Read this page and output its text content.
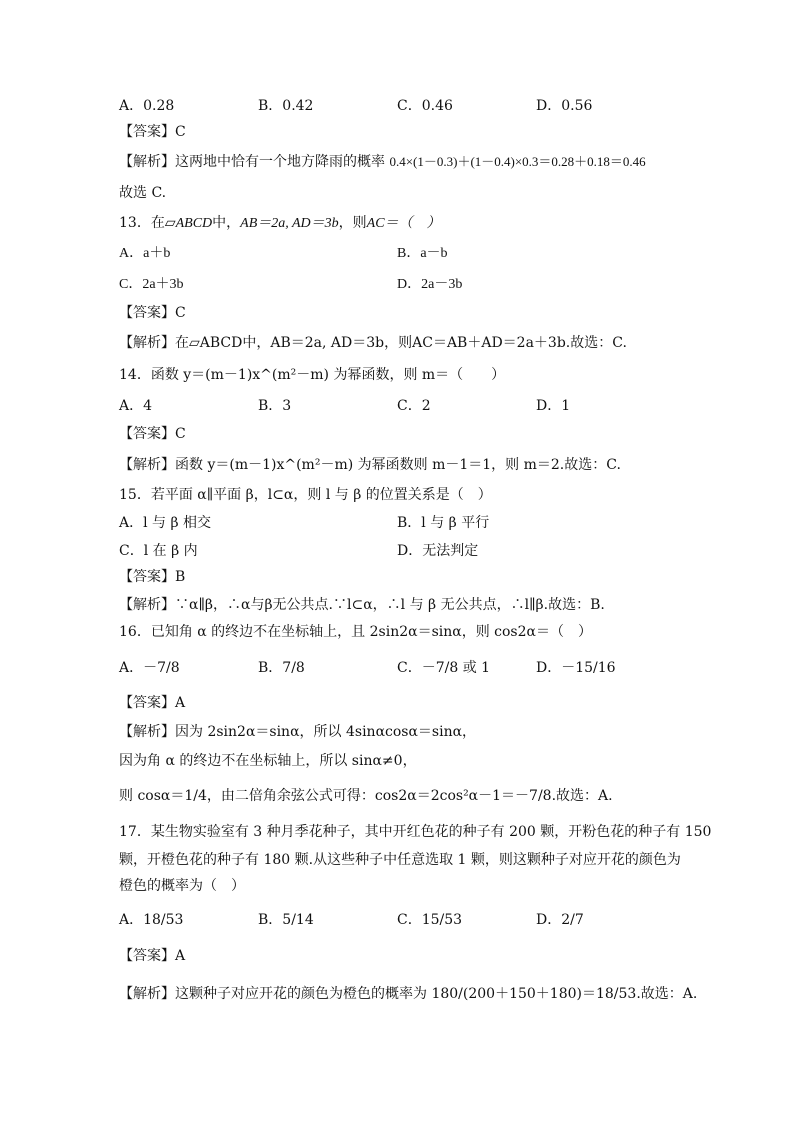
A．0.28	B．0.42	C．0.46	D．0.56
【答案】C
【解析】这两地中恰有一个地方降雨的概率 0.4×(1－0.3)＋(1－0.4)×0.3＝0.28＋0.18＝0.46
故选 C.
13．在▱ABCD中，AB＝2a, AD＝3b，则AC＝（　）
A．a＋b	B．a－b
C．2a＋3b	D．2a－3b
【答案】C
【解析】在▱ABCD中，AB＝2a, AD＝3b，则AC＝AB＋AD＝2a＋3b.故选：C.
14．函数 y＝(m－1)x^(m²－m) 为幂函数，则 m＝（　　）
A．4	B．3	C．2	D．1
【答案】C
【解析】函数 y＝(m－1)x^(m²－m) 为幂函数则 m－1＝1，则 m＝2.故选：C.
15．若平面 α∥平面 β，l⊂α，则 l 与 β 的位置关系是（　）
A．l 与 β 相交	B．l 与 β 平行
C．l 在 β 内	D．无法判定
【答案】B
【解析】∵α∥β，∴α与β无公共点.∵l⊂α，∴l 与 β 无公共点，∴l∥β.故选：B.
16．已知角 α 的终边不在坐标轴上，且 2sin2α＝sinα，则 cos2α＝（　）
A．－7/8	B．7/8	C．－7/8 或 1	D．－15/16
【答案】A
【解析】因为 2sin2α＝sinα，所以 4sinαcosα＝sinα，
因为角 α 的终边不在坐标轴上，所以 sinα≠0，
则 cosα＝1/4，由二倍角余弦公式可得：cos2α＝2cos²α－1＝－7/8.故选：A.
17．某生物实验室有 3 种月季花种子，其中开红色花的种子有 200 颗，开粉色花的种子有 150
颗，开橙色花的种子有 180 颗.从这些种子中任意选取 1 颗，则这颗种子对应开花的颜色为
橙色的概率为（　）
A．18/53	B．5/14	C．15/53	D．2/7
【答案】A
【解析】这颗种子对应开花的颜色为橙色的概率为 180/(200＋150＋180)＝18/53.故选：A.
